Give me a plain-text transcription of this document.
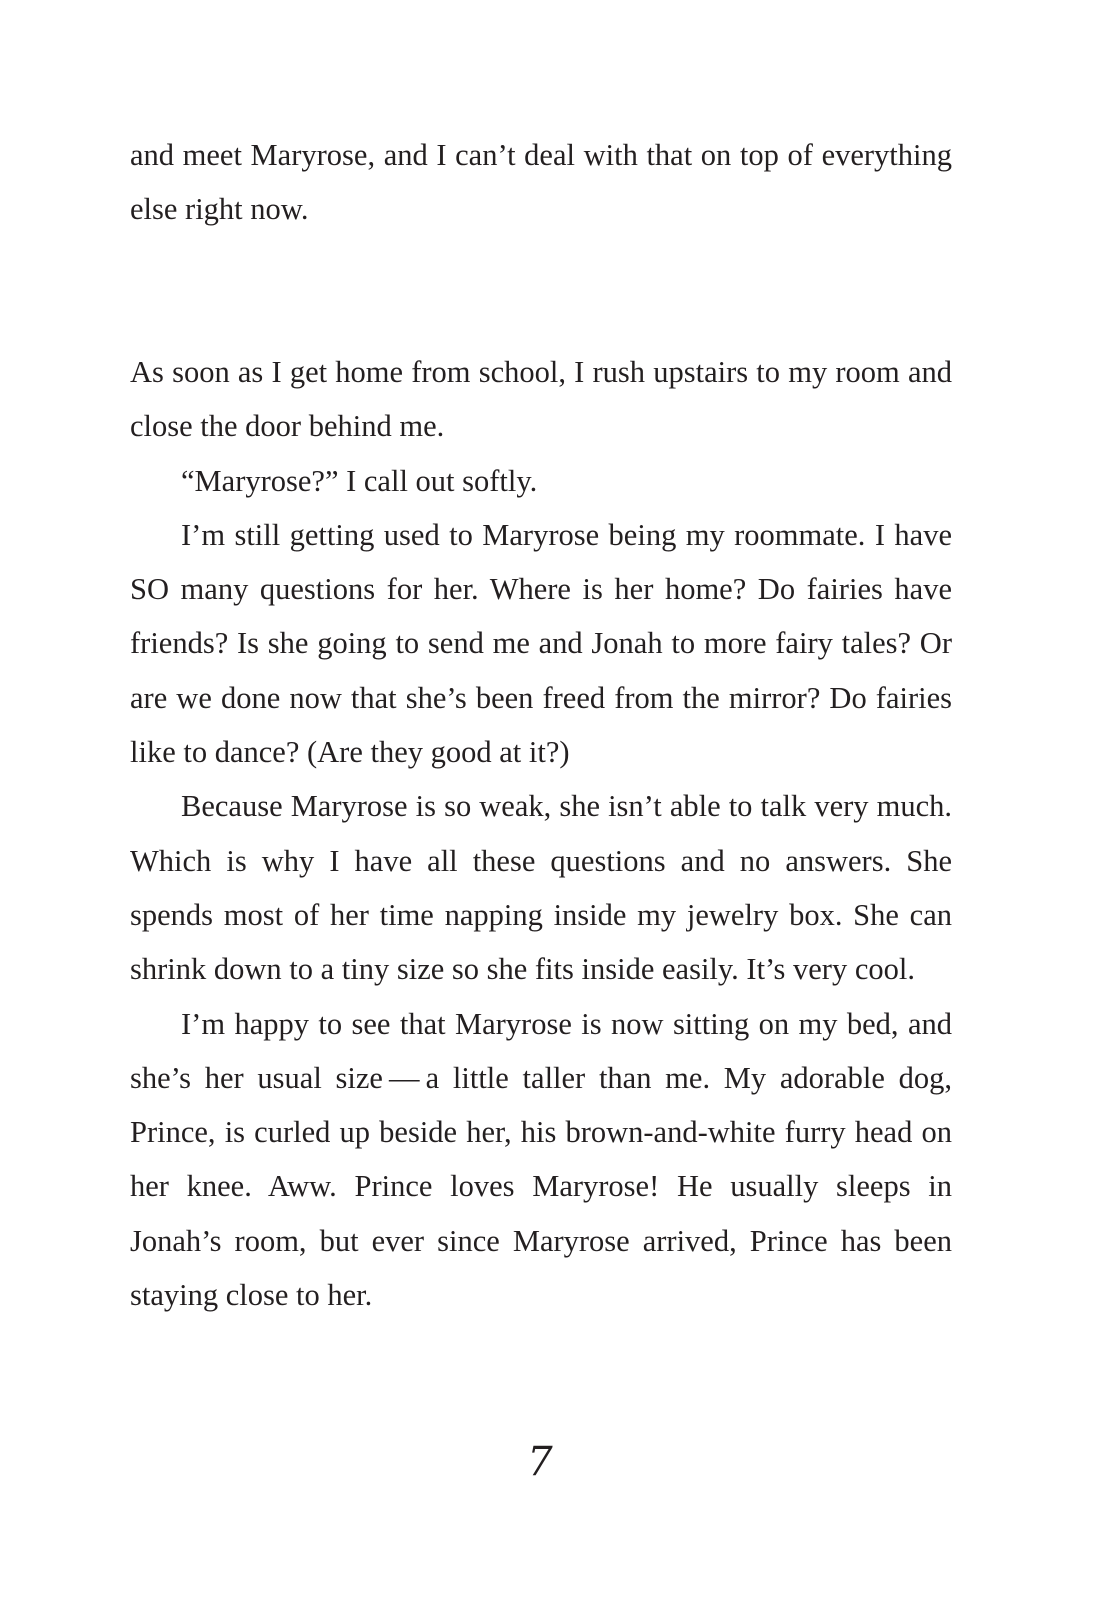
and meet Maryrose, and I can’t deal with that on top of everything else right now.

As soon as I get home from school, I rush upstairs to my room and close the door behind me.

“Maryrose?” I call out softly.

I’m still getting used to Maryrose being my roommate. I have SO many questions for her. Where is her home? Do fairies have friends? Is she going to send me and Jonah to more fairy tales? Or are we done now that she’s been freed from the mirror? Do fairies like to dance? (Are they good at it?)

Because Maryrose is so weak, she isn’t able to talk very much. Which is why I have all these questions and no answers. She spends most of her time napping inside my jewelry box. She can shrink down to a tiny size so she fits inside easily. It’s very cool.

I’m happy to see that Maryrose is now sitting on my bed, and she’s her usual size — a little taller than me. My adorable dog, Prince, is curled up beside her, his brown-and-white furry head on her knee. Aww. Prince loves Maryrose! He usually sleeps in Jonah’s room, but ever since Maryrose arrived, Prince has been staying close to her.

7
